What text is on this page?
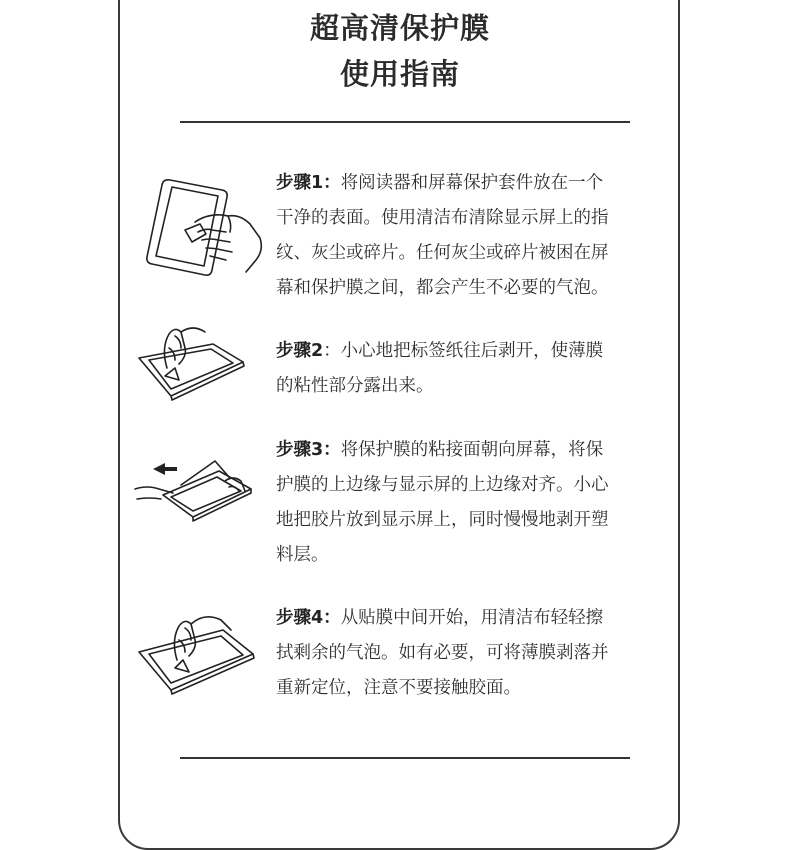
超高清保护膜
使用指南
步骤1：将阅读器和屏幕保护套件放在一个
干净的表面。使用清洁布清除显示屏上的指
纹、灰尘或碎片。任何灰尘或碎片被困在屏
幕和保护膜之间，都会产生不必要的气泡。
步骤2：小心地把标签纸往后剥开，使薄膜
的粘性部分露出来。
步骤3：将保护膜的粘接面朝向屏幕，将保
护膜的上边缘与显示屏的上边缘对齐。小心
地把胶片放到显示屏上，同时慢慢地剥开塑
料层。
步骤4：从贴膜中间开始，用清洁布轻轻擦
拭剩余的气泡。如有必要，可将薄膜剥落并
重新定位，注意不要接触胶面。
